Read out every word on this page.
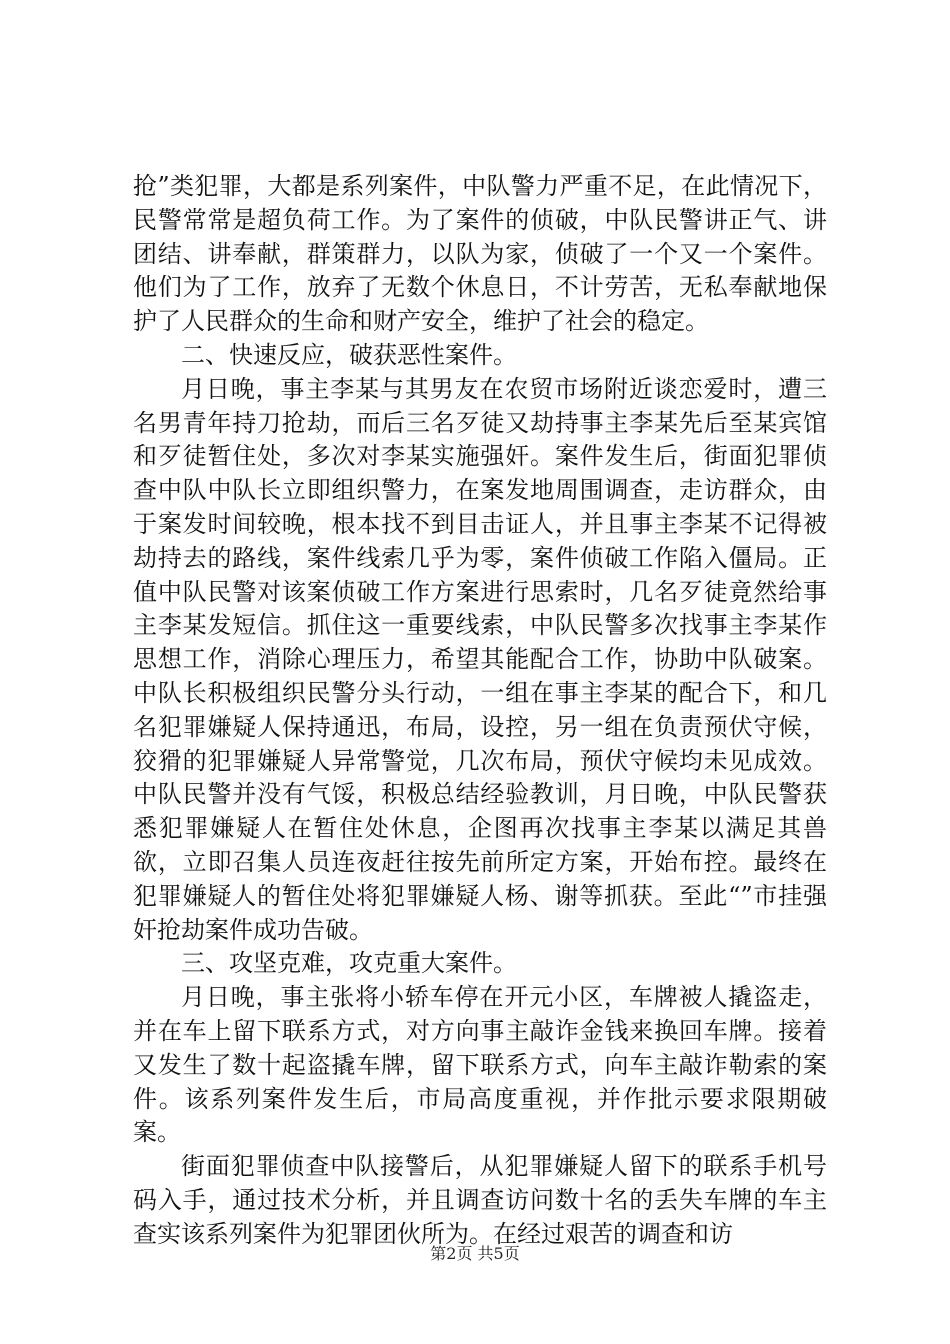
抢”类犯罪，大都是系列案件，中队警力严重不足，在此情况下，民警常常是超负荷工作。为了案件的侦破，中队民警讲正气、讲团结、讲奉献，群策群力，以队为家，侦破了一个又一个案件。他们为了工作，放弃了无数个休息日，不计劳苦，无私奉献地保护了人民群众的生命和财产安全，维护了社会的稳定。

二、快速反应，破获恶性案件。

月日晚，事主李某与其男友在农贸市场附近谈恋爱时，遭三名男青年持刀抢劫，而后三名歹徒又劫持事主李某先后至某宾馆和歹徒暂住处，多次对李某实施强奸。案件发生后，街面犯罪侦查中队中队长立即组织警力，在案发地周围调查，走访群众，由于案发时间较晚，根本找不到目击证人，并且事主李某不记得被劫持去的路线，案件线索几乎为零，案件侦破工作陷入僵局。正值中队民警对该案侦破工作方案进行思索时，几名歹徒竟然给事主李某发短信。抓住这一重要线索，中队民警多次找事主李某作思想工作，消除心理压力，希望其能配合工作，协助中队破案。中队长积极组织民警分头行动，一组在事主李某的配合下，和几名犯罪嫌疑人保持通迅，布局，设控，另一组在负责预伏守候，狡猾的犯罪嫌疑人异常警觉，几次布局，预伏守候均未见成效。中队民警并没有气馁，积极总结经验教训，月日晚，中队民警获悉犯罪嫌疑人在暂住处休息，企图再次找事主李某以满足其兽欲，立即召集人员连夜赶往按先前所定方案，开始布控。最终在犯罪嫌疑人的暂住处将犯罪嫌疑人杨、谢等抓获。至此“”市挂强奸抢劫案件成功告破。

三、攻坚克难，攻克重大案件。

月日晚，事主张将小轿车停在开元小区，车牌被人撬盗走，并在车上留下联系方式，对方向事主敲诈金钱来换回车牌。接着又发生了数十起盗撬车牌，留下联系方式，向车主敲诈勒索的案件。该系列案件发生后，市局高度重视，并作批示要求限期破案。

街面犯罪侦查中队接警后，从犯罪嫌疑人留下的联系手机号码入手，通过技术分析，并且调查访问数十名的丢失车牌的车主查实该系列案件为犯罪团伙所为。在经过艰苦的调查和访

第2页 共5页
